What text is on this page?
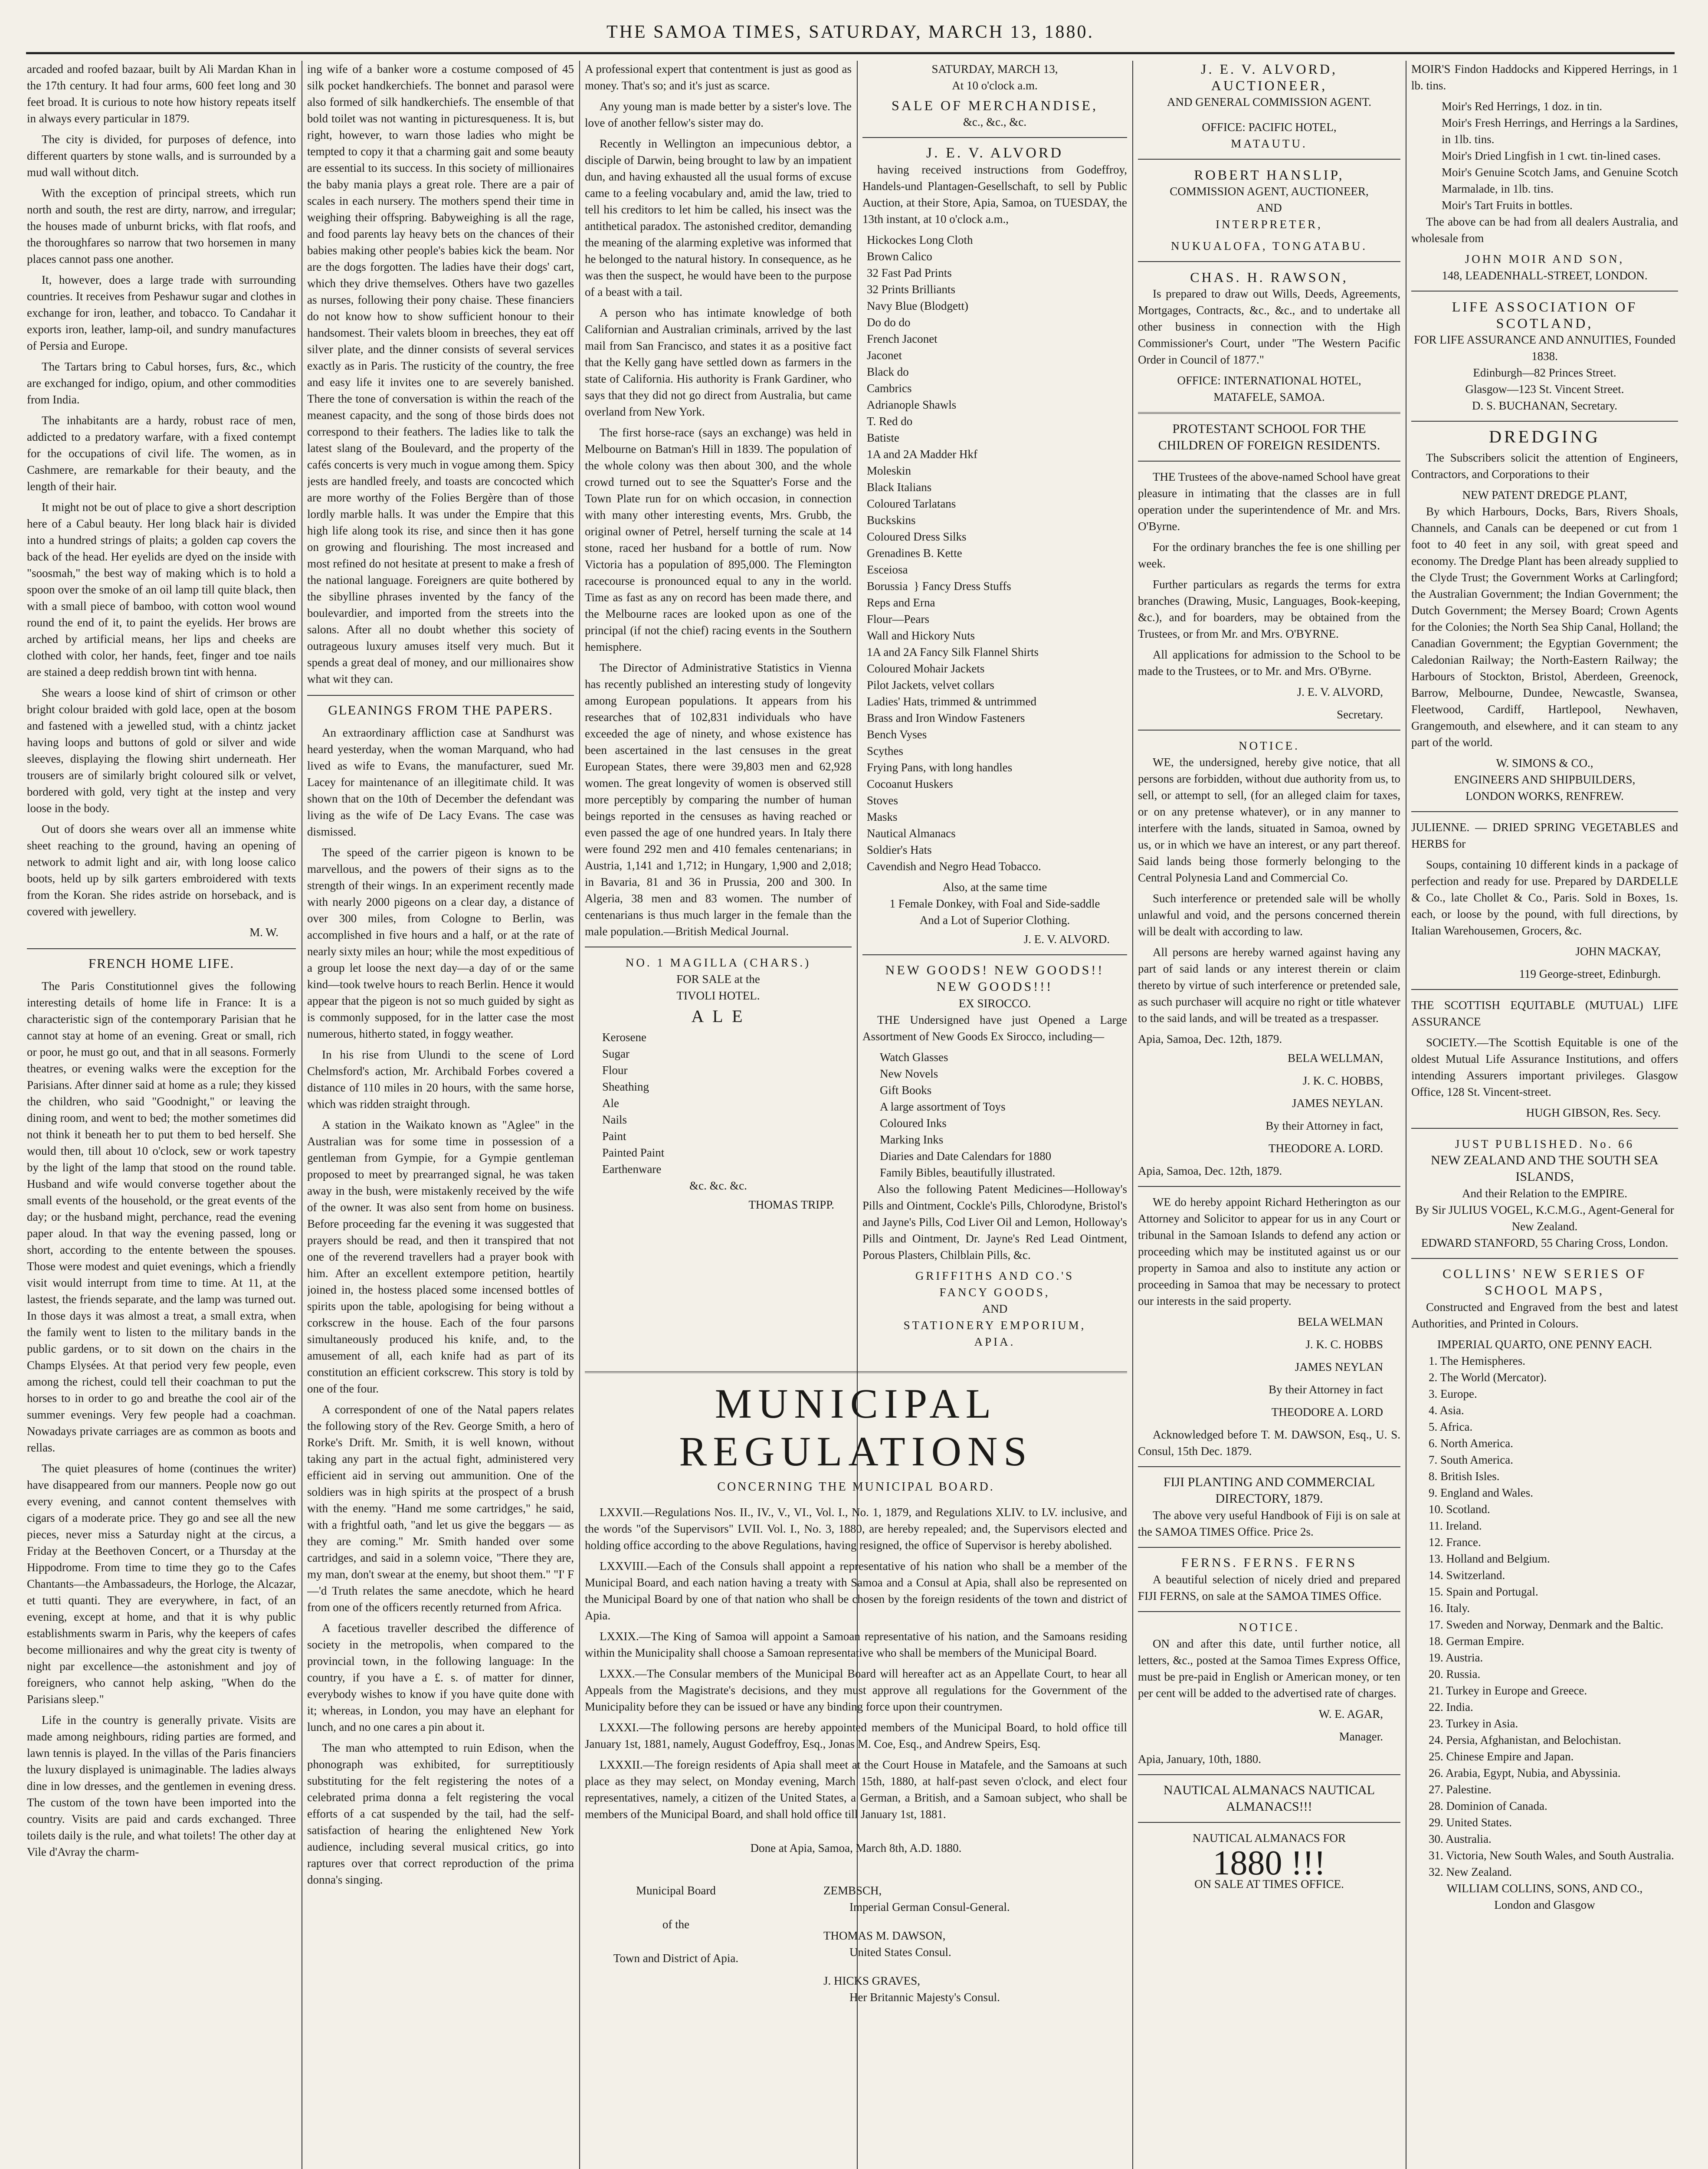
THE SAMOA TIMES, SATURDAY, MARCH 13, 1880.

arcaded and roofed bazaar, built by Ali Mardan Khan in the 17th century. It had four arms, 600 feet long and 30 feet broad. It is curious to note how history repeats itself in always every particular in 1879.

The city is divided, for purposes of defence, into different quarters by stone walls, and is surrounded by a mud wall without ditch.

With the exception of principal streets, which run north and south, the rest are dirty, narrow, and irregular; the houses made of unburnt bricks, with flat roofs, and the thoroughfares so narrow that two horsemen in many places cannot pass one another.

It, however, does a large trade with surrounding countries. It receives from Peshawur sugar and clothes in exchange for iron, leather, and tobacco. To Candahar it exports iron, leather, lamp-oil, and sundry manufactures of Persia and Europe.

The Tartars bring to Cabul horses, furs, &c., which are exchanged for indigo, opium, and other commodities from India.

The inhabitants are a hardy, robust race of men, addicted to a predatory warfare, with a fixed contempt for the occupations of civil life. The women, as in Cashmere, are remarkable for their beauty, and the length of their hair.

It might not be out of place to give a short description here of a Cabul beauty. Her long black hair is divided into a hundred strings of plaits; a golden cap covers the back of the head. Her eyelids are dyed on the inside with "soosmah," the best way of making which is to hold a spoon over the smoke of an oil lamp till quite black, then with a small piece of bamboo, with cotton wool wound round the end of it, to paint the eyelids. Her brows are arched by artificial means, her lips and cheeks are clothed with color, her hands, feet, finger and toe nails are stained a deep reddish brown tint with henna.

She wears a loose kind of shirt of crimson or other bright colour braided with gold lace, open at the bosom and fastened with a jewelled stud, with a chintz jacket having loops and buttons of gold or silver and wide sleeves, displaying the flowing shirt underneath. Her trousers are of similarly bright coloured silk or velvet, bordered with gold, very tight at the instep and very loose in the body.

Out of doors she wears over all an immense white sheet reaching to the ground, having an opening of network to admit light and air, with long loose calico boots, held up by silk garters embroidered with texts from the Koran. She rides astride on horseback, and is covered with jewellery.

M. W.
FRENCH HOME LIFE.

The Paris Constitutionnel gives the following interesting details of home life in France: It is a characteristic sign of the contemporary Parisian that he cannot stay at home of an evening. Great or small, rich or poor, he must go out, and that in all seasons. Formerly theatres, or evening walks were the exception for the Parisians. After dinner said at home as a rule; they kissed the children, who said "Goodnight," or leaving the dining room, and went to bed; the mother sometimes did not think it beneath her to put them to bed herself. She would then, till about 10 o'clock, sew or work tapestry by the light of the lamp that stood on the round table. Husband and wife would converse together about the small events of the household, or the great events of the day; or the husband might, perchance, read the evening paper aloud. In that way the evening passed, long or short, according to the entente between the spouses. Those were modest and quiet evenings, which a friendly visit would interrupt from time to time. At 11, at the lastest, the friends separate, and the lamp was turned out. In those days it was almost a treat, a small extra, when the family went to listen to the military bands in the public gardens, or to sit down on the chairs in the Champs Elysées. At that period very few people, even among the richest, could tell their coachman to put the horses to in order to go and breathe the cool air of the summer evenings. Very few people had a coachman. Nowadays private carriages are as common as boots and rellas.

The quiet pleasures of home (continues the writer) have disappeared from our manners. People now go out every evening, and cannot content themselves with cigars of a moderate price. They go and see all the new pieces, never miss a Saturday night at the circus, a Friday at the Beethoven Concert, or a Thursday at the Hippodrome. From time to time they go to the Cafes Chantants—the Ambassadeurs, the Horloge, the Alcazar, et tutti quanti. They are everywhere, in fact, of an evening, except at home, and that it is why public establishments swarm in Paris, why the keepers of cafes become millionaires and why the great city is twenty of night par excellence—the astonishment and joy of foreigners, who cannot help asking, "When do the Parisians sleep."

Life in the country is generally private. Visits are made among neighbours, riding parties are formed, and lawn tennis is played. In the villas of the Paris financiers the luxury displayed is unimaginable. The ladies always dine in low dresses, and the gentlemen in evening dress. The custom of the town have been imported into the country. Visits are paid and cards exchanged. Three toilets daily is the rule, and what toilets! The other day at Vile d'Avray the charm-

ing wife of a banker wore a costume composed of 45 silk pocket handkerchiefs. The bonnet and parasol were also formed of silk handkerchiefs. The ensemble of that bold toilet was not wanting in picturesqueness. It is, but right, however, to warn those ladies who might be tempted to copy it that a charming gait and some beauty are essential to its success. In this society of millionaires the baby mania plays a great role. There are a pair of scales in each nursery. The mothers spend their time in weighing their offspring. Babyweighing is all the rage, and food parents lay heavy bets on the chances of their babies making other people's babies kick the beam. Nor are the dogs forgotten. The ladies have their dogs' cart, which they drive themselves. Others have two gazelles as nurses, following their pony chaise. These financiers do not know how to show sufficient honour to their handsomest. Their valets bloom in breeches, they eat off silver plate, and the dinner consists of several services exactly as in Paris. The rusticity of the country, the free and easy life it invites one to are severely banished. There the tone of conversation is within the reach of the meanest capacity, and the song of those birds does not correspond to their feathers. The ladies like to talk the latest slang of the Boulevard, and the property of the cafés concerts is very much in vogue among them. Spicy jests are handled freely, and toasts are concocted which are more worthy of the Folies Bergère than of those lordly marble halls. It was under the Empire that this high life along took its rise, and since then it has gone on growing and flourishing. The most increased and most refined do not hesitate at present to make a fresh of the national language. Foreigners are quite bothered by the sibylline phrases invented by the fancy of the boulevardier, and imported from the streets into the salons. After all no doubt whether this society of outrageous luxury amuses itself very much. But it spends a great deal of money, and our millionaires show what wit they can.

GLEANINGS FROM THE PAPERS.

An extraordinary affliction case at Sandhurst was heard yesterday, when the woman Marquand, who had lived as wife to Evans, the manufacturer, sued Mr. Lacey for maintenance of an illegitimate child. It was shown that on the 10th of December the defendant was living as the wife of De Lacy Evans. The case was dismissed.

The speed of the carrier pigeon is known to be marvellous, and the powers of their signs as to the strength of their wings. In an experiment recently made with nearly 2000 pigeons on a clear day, a distance of over 300 miles, from Cologne to Berlin, was accomplished in five hours and a half, or at the rate of nearly sixty miles an hour; while the most expeditious of a group let loose the next day—a day of or the same kind—took twelve hours to reach Berlin. Hence it would appear that the pigeon is not so much guided by sight as is commonly supposed, for in the latter case the most numerous, hitherto stated, in foggy weather.

In his rise from Ulundi to the scene of Lord Chelmsford's action, Mr. Archibald Forbes covered a distance of 110 miles in 20 hours, with the same horse, which was ridden straight through.

A station in the Waikato known as "Aglee" in the Australian was for some time in possession of a gentleman from Gympie, for a Gympie gentleman proposed to meet by prearranged signal, he was taken away in the bush, were mistakenly received by the wife of the owner. It was also sent from home on business. Before proceeding far the evening it was suggested that prayers should be read, and then it transpired that not one of the reverend travellers had a prayer book with him. After an excellent extempore petition, heartily joined in, the hostess placed some incensed bottles of spirits upon the table, apologising for being without a corkscrew in the house. Each of the four parsons simultaneously produced his knife, and, to the amusement of all, each knife had as part of its constitution an efficient corkscrew. This story is told by one of the four.

A correspondent of one of the Natal papers relates the following story of the Rev. George Smith, a hero of Rorke's Drift. Mr. Smith, it is well known, without taking any part in the actual fight, administered very efficient aid in serving out ammunition. One of the soldiers was in high spirits at the prospect of a brush with the enemy. "Hand me some cartridges," he said, with a frightful oath, "and let us give the beggars — as they are coming." Mr. Smith handed over some cartridges, and said in a solemn voice, "There they are, my man, don't swear at the enemy, but shoot them." "I' F—'d Truth relates the same anecdote, which he heard from one of the officers recently returned from Africa.

A facetious traveller described the difference of society in the metropolis, when compared to the provincial town, in the following language: In the country, if you have a £. s. of matter for dinner, everybody wishes to know if you have quite done with it; whereas, in London, you may have an elephant for lunch, and no one cares a pin about it.

The man who attempted to ruin Edison, when the phonograph was exhibited, for surreptitiously substituting for the felt registering the notes of a celebrated prima donna a felt registering the vocal efforts of a cat suspended by the tail, had the self-satisfaction of hearing the enlightened New York audience, including several musical critics, go into raptures over that correct reproduction of the prima donna's singing.

A professional expert that contentment is just as good as money. That's so; and it's just as scarce.

Any young man is made better by a sister's love. The love of another fellow's sister may do.

Recently in Wellington an impecunious debtor, a disciple of Darwin, being brought to law by an impatient dun, and having exhausted all the usual forms of excuse came to a feeling vocabulary and, amid the law, tried to tell his creditors to let him be called, his insect was the antithetical paradox. The astonished creditor, demanding the meaning of the alarming expletive was informed that he belonged to the natural history. In consequence, as he was then the suspect, he would have been to the purpose of a beast with a tail.

A person who has intimate knowledge of both Californian and Australian criminals, arrived by the last mail from San Francisco, and states it as a positive fact that the Kelly gang have settled down as farmers in the state of California. His authority is Frank Gardiner, who says that they did not go direct from Australia, but came overland from New York.

The first horse-race (says an exchange) was held in Melbourne on Batman's Hill in 1839. The population of the whole colony was then about 300, and the whole crowd turned out to see the Squatter's Forse and the Town Plate run for on which occasion, in connection with many other interesting events, Mrs. Grubb, the original owner of Petrel, herself turning the scale at 14 stone, raced her husband for a bottle of rum. Now Victoria has a population of 895,000. The Flemington racecourse is pronounced equal to any in the world. Time as fast as any on record has been made there, and the Melbourne races are looked upon as one of the principal (if not the chief) racing events in the Southern hemisphere.

The Director of Administrative Statistics in Vienna has recently published an interesting study of longevity among European populations. It appears from his researches that of 102,831 individuals who have exceeded the age of ninety, and whose existence has been ascertained in the last censuses in the great European States, there were 39,803 men and 62,928 women. The great longevity of women is observed still more perceptibly by comparing the number of human beings reported in the censuses as having reached or even passed the age of one hundred years. In Italy there were found 292 men and 410 females centenarians; in Austria, 1,141 and 1,712; in Hungary, 1,900 and 2,018; in Bavaria, 81 and 36 in Prussia, 200 and 300. In Algeria, 38 men and 83 women. The number of centenarians is thus much larger in the female than the male population.—British Medical Journal.

NO. 1 MAGILLA (CHARS.)
FOR SALE at the
TIVOLI HOTEL.
A L E
Kerosene
Sugar
Flour
Sheathing
Ale
Nails
Paint
Painted Paint
Earthenware
&c. &c. &c.
THOMAS TRIPP.
SATURDAY, MARCH 13,
At 10 o'clock a.m.
SALE OF MERCHANDISE,
&c., &c., &c.
J. E. V. ALVORD

having received instructions from Godeffroy, Handels-und Plantagen-Gesellschaft, to sell by Public Auction, at their Store, Apia, Samoa, on TUESDAY, the 13th instant, at 10 o'clock a.m.,

Hickockes Long Cloth
Brown Calico
32 Fast Pad Prints
32 Prints Brilliants
Navy Blue (Blodgett)
Do do do
French Jaconet
Jaconet
Black do
Cambrics
Adrianople Shawls
T. Red do
Batiste
1A and 2A Madder Hkf
Moleskin
Black Italians
Coloured Tarlatans
Buckskins
Coloured Dress Silks
Grenadines B. Kette
Esceiosa
Borussia  } Fancy Dress Stuffs
Reps and Erna
Flour—Pears
Wall and Hickory Nuts
1A and 2A Fancy Silk Flannel Shirts
Coloured Mohair Jackets
Pilot Jackets, velvet collars
Ladies' Hats, trimmed & untrimmed
Brass and Iron Window Fasteners
Bench Vyses
Scythes
Frying Pans, with long handles
Cocoanut Huskers
Stoves
Masks
Nautical Almanacs
Soldier's Hats
Cavendish and Negro Head Tobacco.
Also, at the same time
1 Female Donkey, with Foal and Side-saddle
And a Lot of Superior Clothing.
J. E. V. ALVORD.
NEW GOODS! NEW GOODS!!
NEW GOODS!!!
EX SIROCCO.

THE Undersigned have just Opened a Large Assortment of New Goods Ex Sirocco, including—

Watch Glasses
New Novels
Gift Books
A large assortment of Toys
Coloured Inks
Marking Inks
Diaries and Date Calendars for 1880
Family Bibles, beautifully illustrated.

Also the following Patent Medicines—Holloway's Pills and Ointment, Cockle's Pills, Chlorodyne, Bristol's and Jayne's Pills, Cod Liver Oil and Lemon, Holloway's Pills and Ointment, Dr. Jayne's Red Lead Ointment, Porous Plasters, Chilblain Pills, &c.

GRIFFITHS AND CO.'S
FANCY GOODS,
AND
STATIONERY EMPORIUM,
APIA.
MUNICIPAL REGULATIONS
CONCERNING THE MUNICIPAL BOARD.

LXXVII.—Regulations Nos. II., IV., V., VI., Vol. I., No. 1, 1879, and Regulations XLIV. to LV. inclusive, and the words "of the Supervisors" LVII. Vol. I., No. 3, 1880, are hereby repealed; and, the Supervisors elected and holding office according to the above Regulations, having resigned, the office of Supervisor is hereby abolished.

LXXVIII.—Each of the Consuls shall appoint a representative of his nation who shall be a member of the Municipal Board, and each nation having a treaty with Samoa and a Consul at Apia, shall also be represented on the Municipal Board by one of that nation who shall be chosen by the foreign residents of the town and district of Apia.

LXXIX.—The King of Samoa will appoint a Samoan representative of his nation, and the Samoans residing within the Municipality shall choose a Samoan representative who shall be members of the Municipal Board.

LXXX.—The Consular members of the Municipal Board will hereafter act as an Appellate Court, to hear all Appeals from the Magistrate's decisions, and they must approve all regulations for the Government of the Municipality before they can be issued or have any binding force upon their countrymen.

LXXXI.—The following persons are hereby appointed members of the Municipal Board, to hold office till January 1st, 1881, namely, August Godeffroy, Esq., Jonas M. Coe, Esq., and Andrew Speirs, Esq.

LXXXII.—The foreign residents of Apia shall meet at the Court House in Matafele, and the Samoans at such place as they may select, on Monday evening, March 15th, 1880, at half-past seven o'clock, and elect four representatives, namely, a citizen of the United States, a German, a British, and a Samoan subject, who shall be members of the Municipal Board, and shall hold office till January 1st, 1881.

Done at Apia, Samoa, March 8th, A.D. 1880.
Municipal Board
of the
Town and District of Apia.
ZEMBSCH,
Imperial German Consul-General.
THOMAS M. DAWSON,
United States Consul.
J. HICKS GRAVES,
Her Britannic Majesty's Consul.
J. E. V. ALVORD,
AUCTIONEER,
AND GENERAL COMMISSION AGENT.
OFFICE: PACIFIC HOTEL,
MATAUTU.
ROBERT HANSLIP,
COMMISSION AGENT, AUCTIONEER,
AND
INTERPRETER,
NUKUALOFA, TONGATABU.
CHAS. H. RAWSON,

Is prepared to draw out Wills, Deeds, Agreements, Mortgages, Contracts, &c., &c., and to undertake all other business in connection with the High Commissioner's Court, under "The Western Pacific Order in Council of 1877."

OFFICE: INTERNATIONAL HOTEL,
MATAFELE, SAMOA.
PROTESTANT SCHOOL FOR THE CHILDREN OF FOREIGN RESIDENTS.

THE Trustees of the above-named School have great pleasure in intimating that the classes are in full operation under the superintendence of Mr. and Mrs. O'Byrne.

For the ordinary branches the fee is one shilling per week.

Further particulars as regards the terms for extra branches (Drawing, Music, Languages, Book-keeping, &c.), and for boarders, may be obtained from the Trustees, or from Mr. and Mrs. O'BYRNE.

All applications for admission to the School to be made to the Trustees, or to Mr. and Mrs. O'Byrne.

J. E. V. ALVORD,
Secretary.
NOTICE.

WE, the undersigned, hereby give notice, that all persons are forbidden, without due authority from us, to sell, or attempt to sell, (for an alleged claim for taxes, or on any pretense whatever), or in any manner to interfere with the lands, situated in Samoa, owned by us, or in which we have an interest, or any part thereof. Said lands being those formerly belonging to the Central Polynesia Land and Commercial Co.

Such interference or pretended sale will be wholly unlawful and void, and the persons concerned therein will be dealt with according to law.

All persons are hereby warned against having any part of said lands or any interest therein or claim thereto by virtue of such interference or pretended sale, as such purchaser will acquire no right or title whatever to the said lands, and will be treated as a trespasser.

Apia, Samoa, Dec. 12th, 1879.
BELA WELLMAN,
J. K. C. HOBBS,
JAMES NEYLAN.
By their Attorney in fact,
THEODORE A. LORD.
Apia, Samoa, Dec. 12th, 1879.

WE do hereby appoint Richard Hetherington as our Attorney and Solicitor to appear for us in any Court or tribunal in the Samoan Islands to defend any action or proceeding which may be instituted against us or our property in Samoa and also to institute any action or proceeding in Samoa that may be necessary to protect our interests in the said property.

BELA WELMAN
J. K. C. HOBBS
JAMES NEYLAN
By their Attorney in fact
THEODORE A. LORD

Acknowledged before T. M. DAWSON, Esq., U. S. Consul, 15th Dec. 1879.

FIJI PLANTING AND COMMERCIAL DIRECTORY, 1879.

The above very useful Handbook of Fiji is on sale at the SAMOA TIMES Office. Price 2s.

FERNS. FERNS. FERNS

A beautiful selection of nicely dried and prepared FIJI FERNS, on sale at the SAMOA TIMES Office.

NOTICE.

ON and after this date, until further notice, all letters, &c., posted at the Samoa Times Express Office, must be pre-paid in English or American money, or ten per cent will be added to the advertised rate of charges.

W. E. AGAR,
Manager.
Apia, January, 10th, 1880.
NAUTICAL ALMANACS NAUTICAL ALMANACS!!!
NAUTICAL ALMANACS FOR
1880 !!!
ON SALE AT TIMES OFFICE.

MOIR'S Findon Haddocks and Kippered Herrings, in 1 lb. tins.

Moir's Red Herrings, 1 doz. in tin.
Moir's Fresh Herrings, and Herrings a la Sardines, in 1lb. tins.
Moir's Dried Lingfish in 1 cwt. tin-lined cases.
Moir's Genuine Scotch Jams, and Genuine Scotch Marmalade, in 1lb. tins.
Moir's Tart Fruits in bottles.

The above can be had from all dealers Australia, and wholesale from

JOHN MOIR AND SON,
148, LEADENHALL-STREET, LONDON.
LIFE ASSOCIATION OF SCOTLAND,
FOR LIFE ASSURANCE AND ANNUITIES, Founded 1838.
Edinburgh—82 Princes Street.
Glasgow—123 St. Vincent Street.
D. S. BUCHANAN, Secretary.
DREDGING

The Subscribers solicit the attention of Engineers, Contractors, and Corporations to their

NEW PATENT DREDGE PLANT,

By which Harbours, Docks, Bars, Rivers Shoals, Channels, and Canals can be deepened or cut from 1 foot to 40 feet in any soil, with great speed and economy. The Dredge Plant has been already supplied to the Clyde Trust; the Government Works at Carlingford; the Australian Government; the Indian Government; the Dutch Government; the Mersey Board; Crown Agents for the Colonies; the North Sea Ship Canal, Holland; the Canadian Government; the Egyptian Government; the Caledonian Railway; the North-Eastern Railway; the Harbours of Stockton, Bristol, Aberdeen, Greenock, Barrow, Melbourne, Dundee, Newcastle, Swansea, Fleetwood, Cardiff, Hartlepool, Newhaven, Grangemouth, and elsewhere, and it can steam to any part of the world.

W. SIMONS & CO.,
ENGINEERS AND SHIPBUILDERS,
LONDON WORKS, RENFREW.

JULIENNE. — DRIED SPRING VEGETABLES and HERBS for

Soups, containing 10 different kinds in a package of perfection and ready for use. Prepared by DARDELLE & Co., late Chollet & Co., Paris. Sold in Boxes, 1s. each, or loose by the pound, with full directions, by Italian Warehousemen, Grocers, &c.

JOHN MACKAY,
119 George-street, Edinburgh.

THE SCOTTISH EQUITABLE (MUTUAL) LIFE ASSURANCE

SOCIETY.—The Scottish Equitable is one of the oldest Mutual Life Assurance Institutions, and offers intending Assurers important privileges. Glasgow Office, 128 St. Vincent-street.

HUGH GIBSON, Res. Secy.
JUST PUBLISHED. No. 66
NEW ZEALAND AND THE SOUTH SEA ISLANDS,
And their Relation to the EMPIRE.
By Sir JULIUS VOGEL, K.C.M.G., Agent-General for New Zealand.
EDWARD STANFORD, 55 Charing Cross, London.
COLLINS' NEW SERIES OF SCHOOL MAPS,

Constructed and Engraved from the best and latest Authorities, and Printed in Colours.

IMPERIAL QUARTO, ONE PENNY EACH.
1. The Hemispheres.
2. The World (Mercator).
3. Europe.
4. Asia.
5. Africa.
6. North America.
7. South America.
8. British Isles.
9. England and Wales.
10. Scotland.
11. Ireland.
12. France.
13. Holland and Belgium.
14. Switzerland.
15. Spain and Portugal.
16. Italy.
17. Sweden and Norway, Denmark and the Baltic.
18. German Empire.
19. Austria.
20. Russia.
21. Turkey in Europe and Greece.
22. India.
23. Turkey in Asia.
24. Persia, Afghanistan, and Belochistan.
25. Chinese Empire and Japan.
26. Arabia, Egypt, Nubia, and Abyssinia.
27. Palestine.
28. Dominion of Canada.
29. United States.
30. Australia.
31. Victoria, New South Wales, and South Australia.
32. New Zealand.
WILLIAM COLLINS, SONS, AND CO.,
London and Glasgow
